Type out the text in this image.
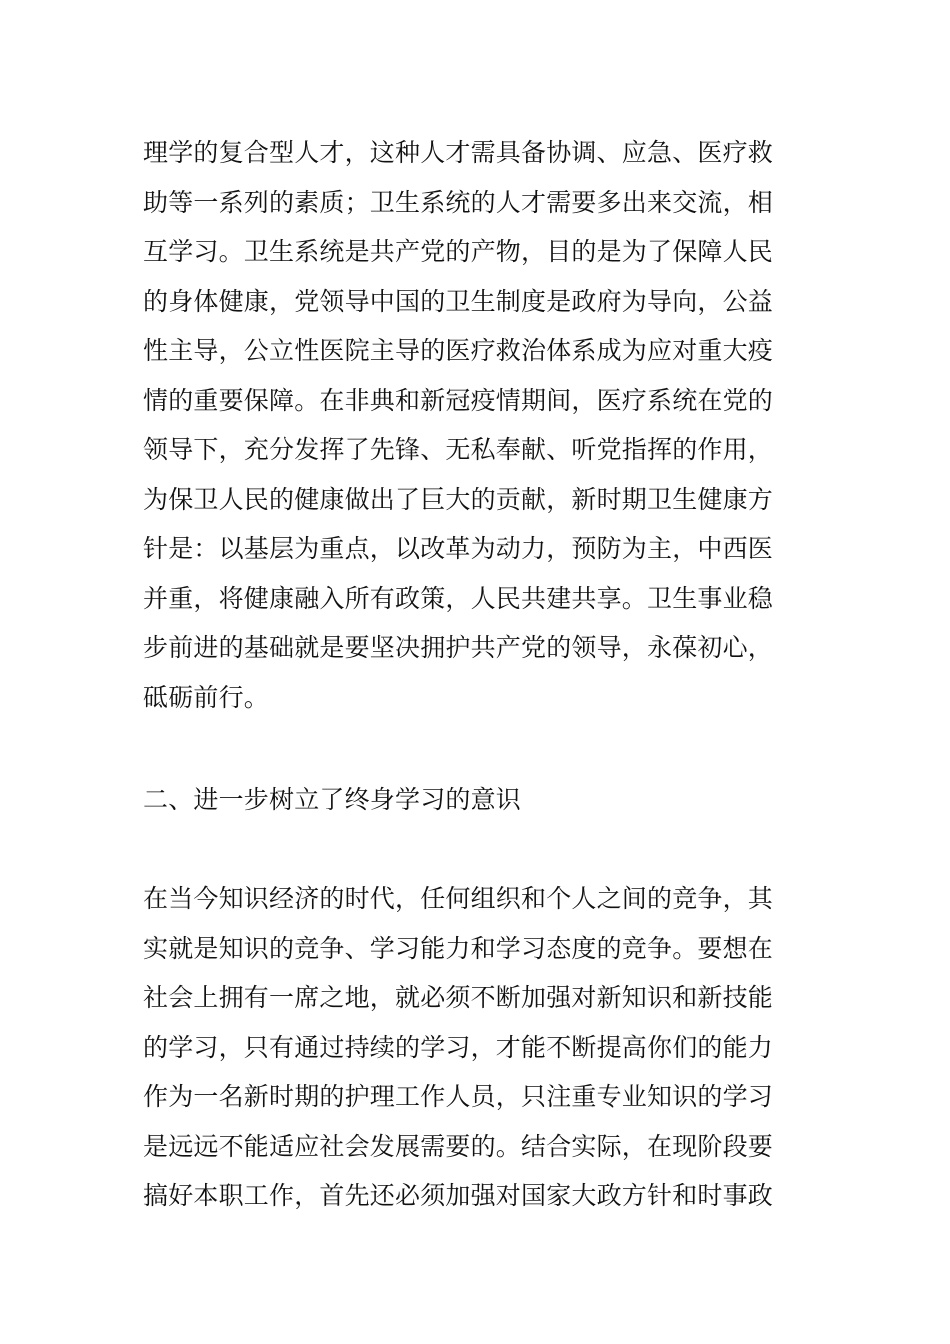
理学的复合型人才，这种人才需具备协调、应急、医疗救
助等一系列的素质；卫生系统的人才需要多出来交流，相
互学习。卫生系统是共产党的产物，目的是为了保障人民
的身体健康，党领导中国的卫生制度是政府为导向，公益
性主导，公立性医院主导的医疗救治体系成为应对重大疫
情的重要保障。在非典和新冠疫情期间，医疗系统在党的
领导下，充分发挥了先锋、无私奉献、听党指挥的作用，
为保卫人民的健康做出了巨大的贡献，新时期卫生健康方
针是：以基层为重点，以改革为动力，预防为主，中西医
并重，将健康融入所有政策，人民共建共享。卫生事业稳
步前进的基础就是要坚决拥护共产党的领导，永葆初心，
砥砺前行。
二、进一步树立了终身学习的意识
在当今知识经济的时代，任何组织和个人之间的竞争，其
实就是知识的竞争、学习能力和学习态度的竞争。要想在
社会上拥有一席之地，就必须不断加强对新知识和新技能
的学习，只有通过持续的学习，才能不断提高你们的能力
作为一名新时期的护理工作人员，只注重专业知识的学习
是远远不能适应社会发展需要的。结合实际，在现阶段要
搞好本职工作，首先还必须加强对国家大政方针和时事政
